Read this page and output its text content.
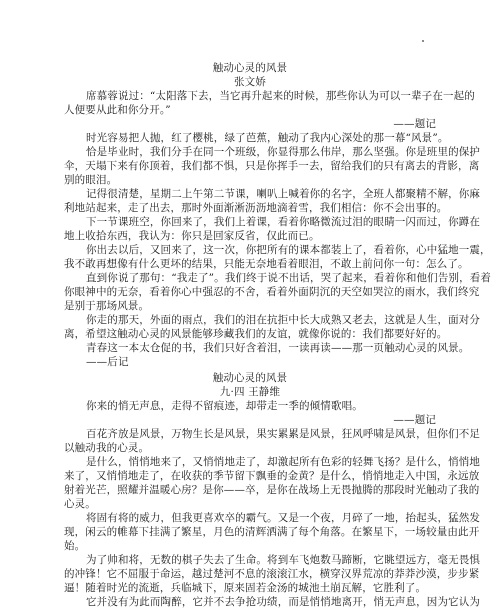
触动心灵的风景
张文娇
席慕蓉说过：“太阳落下去，当它再升起来的时候，那些你认为可以一辈子在一起的
人便要从此和你分开。”
——题记
时光容易把人抛，红了樱桃，绿了芭蕉，触动了我内心深处的那一幕“风景”。
恰是毕业时，我们分手在同一个班级，你显得那么伟岸，那么坚强。你是班里的保护
伞，天塌下来有你顶着，我们都不惧，只是你挥手一去，留给我们的只有离去的背影，离
别的眼泪。
记得很清楚，星期二上午第二节课，喇叭上喊着你的名字，全班人都聚精不解，你麻
利地站起来，走了出去，那时外面渐淅沥沥地滴着雪，我们相信：你不会出事的。
下一节课班空，你回来了，我们上着课，看着你略微流过泪的眼睛一闪而过，你蹲在
地上收拾东西，我认为：你只是回家反省，仅此而已。
你出去以后，又回来了，这一次，你把所有的课本都装上了，看着你，心中猛地一震，
我不敢再想像有什么更坏的结果，只能无奈地看着眼泪，不敢上前问你一句：怎么了。
直到你说了那句：“我走了”。我们终于说不出话，哭了起来，看着你和他们告别，看着
你眼神中的无奈，看着你心中强忍的不舍，看着外面阴沉的天空如哭泣的雨水，我们终究
是别于那场风景。
你走的那天，外面的雨点，我们的泪在抗拒中长大成熟又老去，这就是人生，面对分
离，希望这触动心灵的风景能够珍藏我们的友谊，就像你说的：我们都要好好的。
青春这一本太仓促的书，我们只好含着泪，一读再读——那一页触动心灵的风景。
——后记
触动心灵的风景
九·四 王静维
你来的悄无声息，走得不留痕迹，却带走一季的倾情歌唱。
——题记
百花齐放是风景，万物生长是风景，果实累累是风景，狂风呼啸是风景，但你们不足
以触动我的心灵。
是什么，悄悄地来了，又悄悄地走了，却激起所有色彩的轻舞飞扬？是什么，悄悄地
来了，又悄悄地走了，在收获的季节留下飘垂的金黄？是什么，悄悄地走入中国，永远放
射着光芒，照耀并温暖心房？是你——卒，是你在战场上无畏抛腾的那段时光触动了我的
心灵。
将固有将的威力，但我更喜欢卒的霸气。又是一个夜，月碎了一地，抬起头，猛然发
现，闲云的帷幕下挂满了繁星，月色的清辉洒满了每个角落。在繁星下，一场较量由此开
始。
为了帅和将，无数的棋子失去了生命。将到车飞炮数马蹄断，它眺望远方，毫无畏惧
的冲锋！它不屈服于命运，越过楚河不息的滚滚江水，横穿汉界荒凉的莽莽沙漠，步步紧
逼！随着时光的流逝，兵临城下，原来固若金汤的城池土崩瓦解，它胜利了。
它并没有为此而陶醉，它并不去争抢功绩，而是悄悄地离开，悄无声息，因为它认为
